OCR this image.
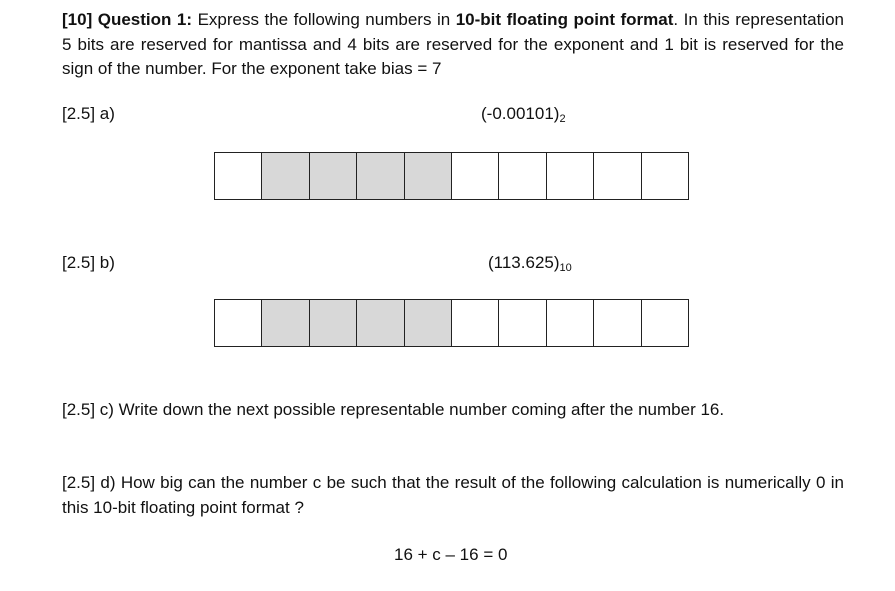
[10] Question 1: Express the following numbers in 10-bit floating point format. In this representation 5 bits are reserved for mantissa and 4 bits are reserved for the exponent and 1 bit is reserved for the sign of the number. For the exponent take bias = 7

[2.5] a)	$(-0.00101)_2$
[2.5] b)	$(113.625)_{10}$

[2.5] c) Write down the next possible representable number coming after the number 16.

[2.5] d) How big can the number c be such that the result of the following calculation is numerically 0 in this 10-bit floating point format ?

16 + c – 16 = 0
